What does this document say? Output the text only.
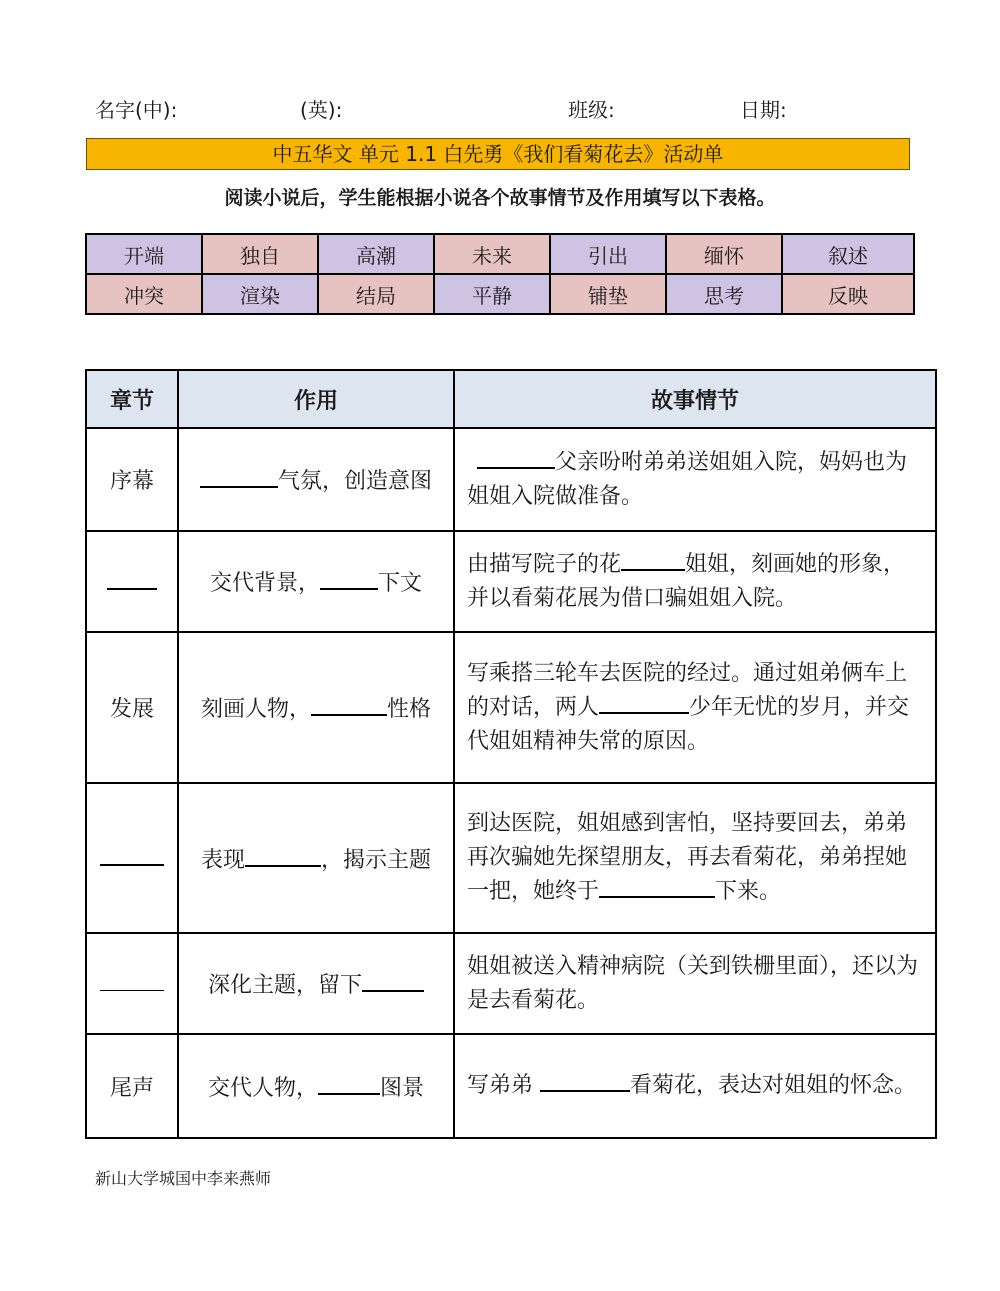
名字(中):	(英):	班级:	日期:
中五华文 单元 1.1 白先勇《我们看菊花去》活动单
阅读小说后，学生能根据小说各个故事情节及作用填写以下表格。
开端	独自	高潮	未来	引出	缅怀	叙述
冲突	渲染	结局	平静	铺垫	思考	反映
章节	作用	故事情节
序幕	气氛，创造意图	父亲吩咐弟弟送姐姐入院，妈妈也为姐姐入院做准备。
	交代背景， 下文	由描写院子的花 姐姐，刻画她的形象，并以看菊花展为借口骗姐姐入院。
发展	刻画人物， 性格	写乘搭三轮车去医院的经过。通过姐弟俩车上的对话，两人 少年无忧的岁月，并交代姐姐精神失常的原因。
	表现 ，揭示主题	到达医院，姐姐感到害怕，坚持要回去，弟弟再次骗她先探望朋友，再去看菊花，弟弟捏她一把，她终于 下来。
	深化主题，留下	姐姐被送入精神病院（关到铁栅里面），还以为是去看菊花。
尾声	交代人物， 图景	写弟弟 看菊花，表达对姐姐的怀念。
新山大学城国中李来燕师
